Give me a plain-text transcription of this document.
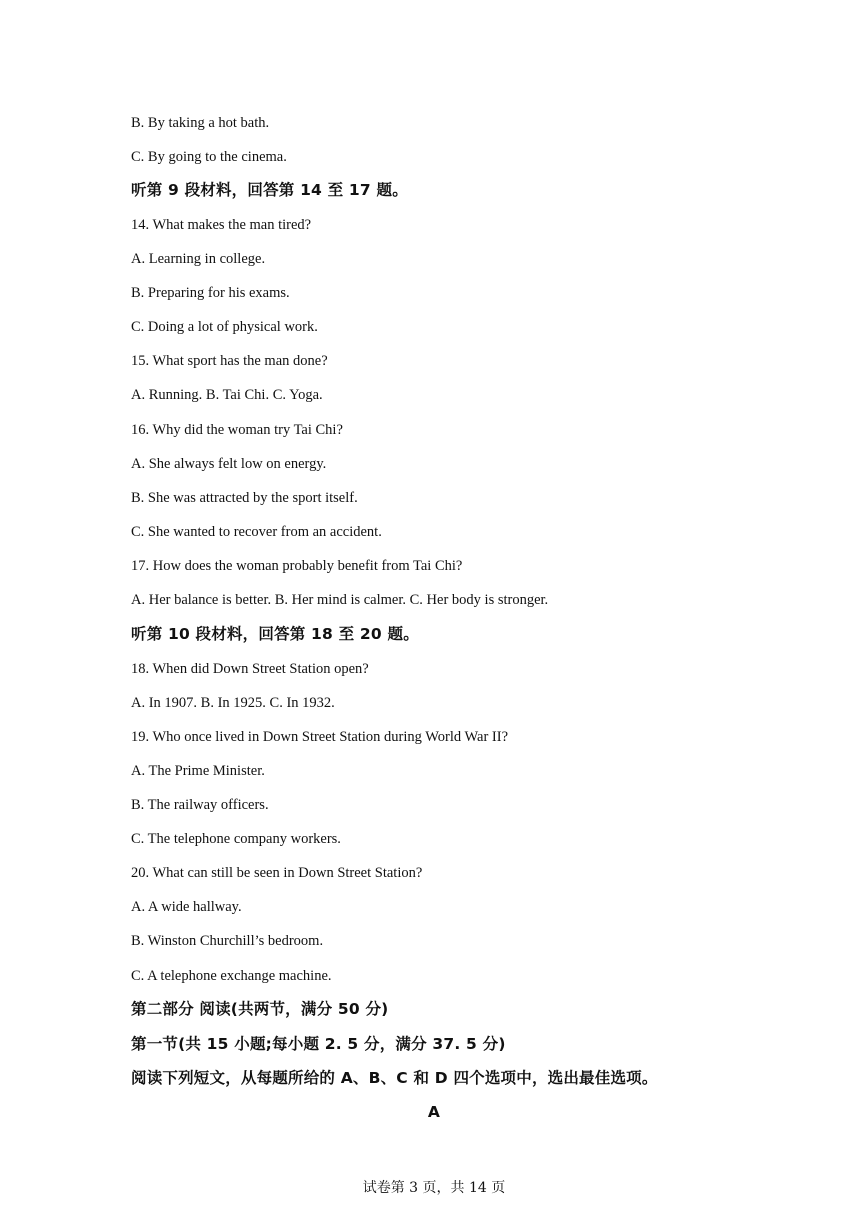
B. By taking a hot bath.
C. By going to the cinema.
听第 9 段材料，回答第 14 至 17 题。
14. What makes the man tired?
A. Learning in college.
B. Preparing for his exams.
C. Doing a lot of physical work.
15. What sport has the man done?
A. Running. B. Tai Chi. C. Yoga.
16. Why did the woman try Tai Chi?
A. She always felt low on energy.
B. She was attracted by the sport itself.
C. She wanted to recover from an accident.
17. How does the woman probably benefit from Tai Chi?
A. Her balance is better. B. Her mind is calmer. C. Her body is stronger.
听第 10 段材料，回答第 18 至 20 题。
18. When did Down Street Station open?
A. In 1907. B. In 1925. C. In 1932.
19. Who once lived in Down Street Station during World War II?
A. The Prime Minister.
B. The railway officers.
C. The telephone company workers.
20. What can still be seen in Down Street Station?
A. A wide hallway.
B. Winston Churchill’s bedroom.
C. A telephone exchange machine.
第二部分 阅读(共两节，满分 50 分)
第一节(共 15 小题;每小题 2. 5 分，满分 37. 5 分)
阅读下列短文，从每题所给的 A、B、C 和 D 四个选项中，选出最佳选项。
A
试卷第 3 页，共 14 页
